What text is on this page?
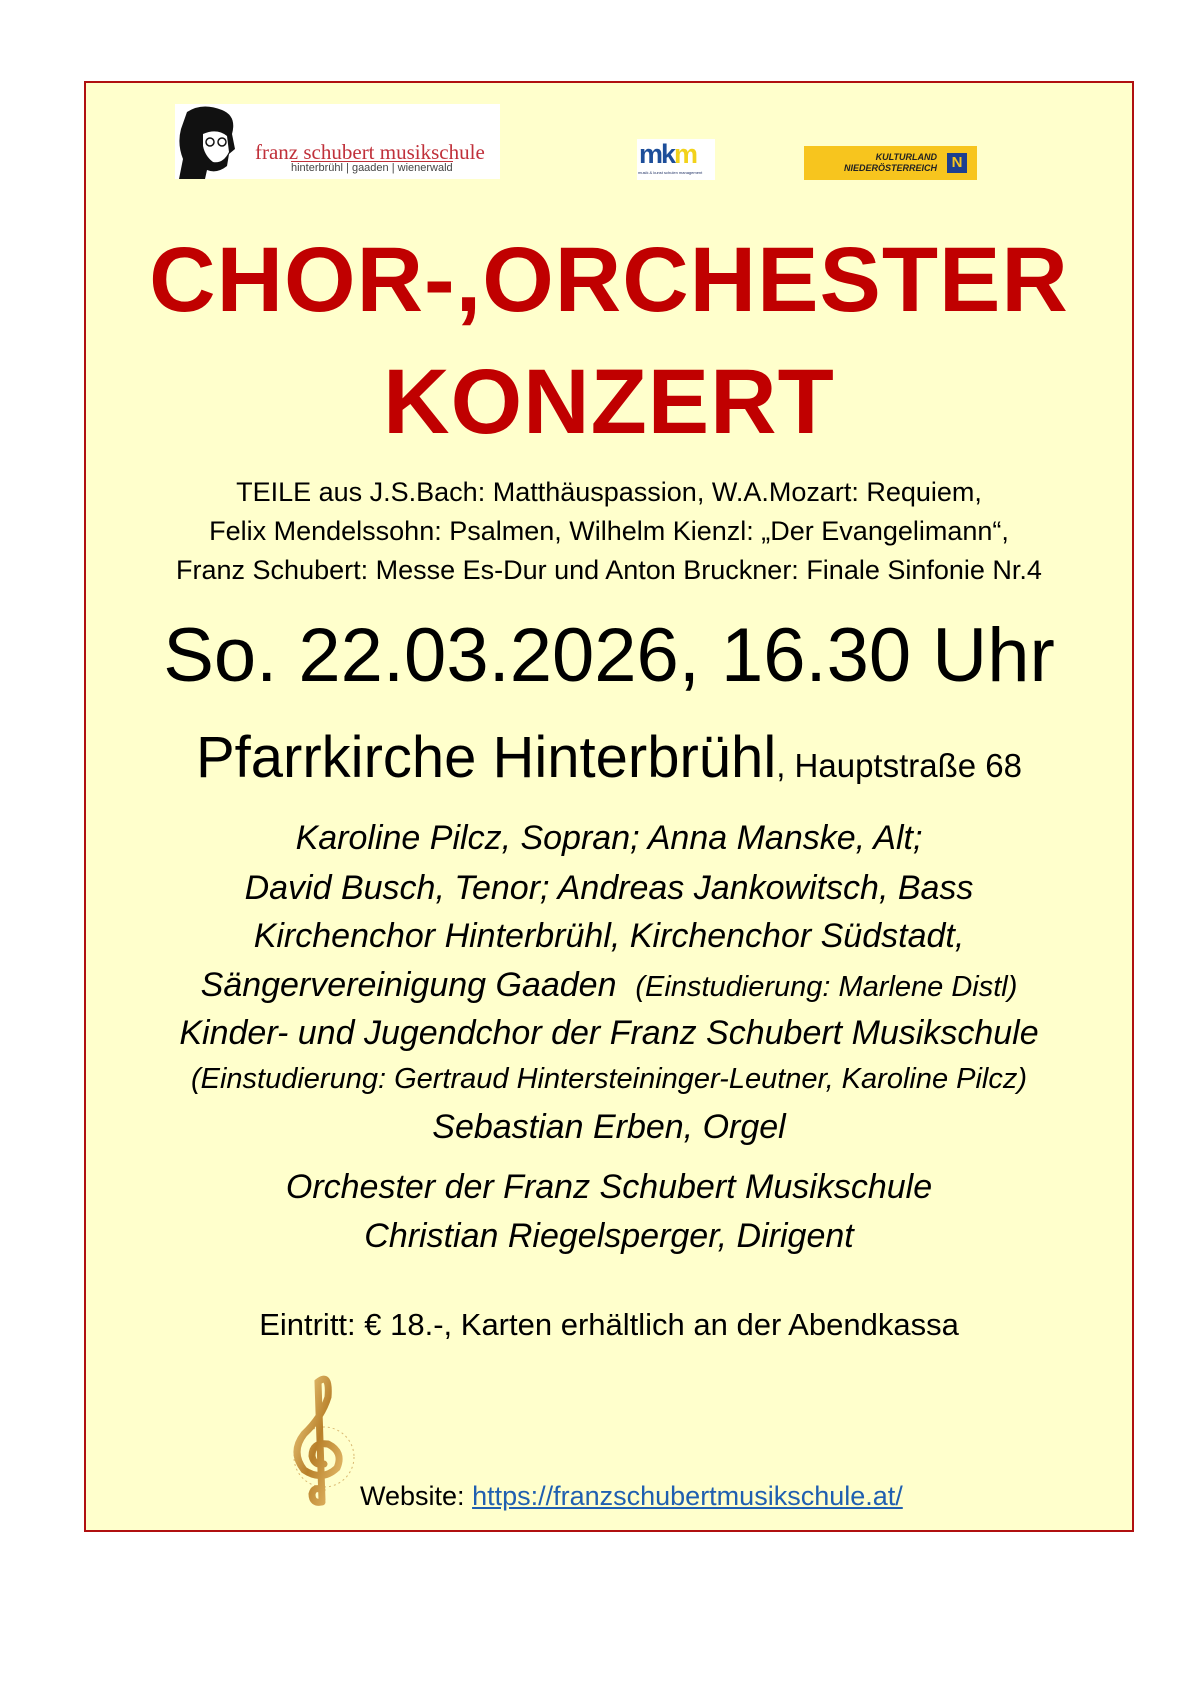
franz schubert musikschule
hinterbrühl | gaaden | wienerwald	mkm
musik & kunst schulen management
KULTURLAND
NIEDERÖSTERREICH N
CHOR-,ORCHESTER
KONZERT
TEILE aus J.S.Bach: Matthäuspassion, W.A.Mozart: Requiem,
Felix Mendelssohn: Psalmen, Wilhelm Kienzl: „Der Evangelimann“,
Franz Schubert: Messe Es-Dur und Anton Bruckner: Finale Sinfonie Nr.4
So. 22.03.2026, 16.30 Uhr
Pfarrkirche Hinterbrühl, Hauptstraße 68
Karoline Pilcz, Sopran; Anna Manske, Alt;
David Busch, Tenor; Andreas Jankowitsch, Bass
Kirchenchor Hinterbrühl, Kirchenchor Südstadt,
Sängervereinigung Gaaden (Einstudierung: Marlene Distl)
Kinder- und Jugendchor der Franz Schubert Musikschule
(Einstudierung: Gertraud Hintersteininger-Leutner, Karoline Pilcz)
Sebastian Erben, Orgel
Orchester der Franz Schubert Musikschule
Christian Riegelsperger, Dirigent
Eintritt: € 18.-, Karten erhältlich an der Abendkassa
Website: https://franzschubertmusikschule.at/
